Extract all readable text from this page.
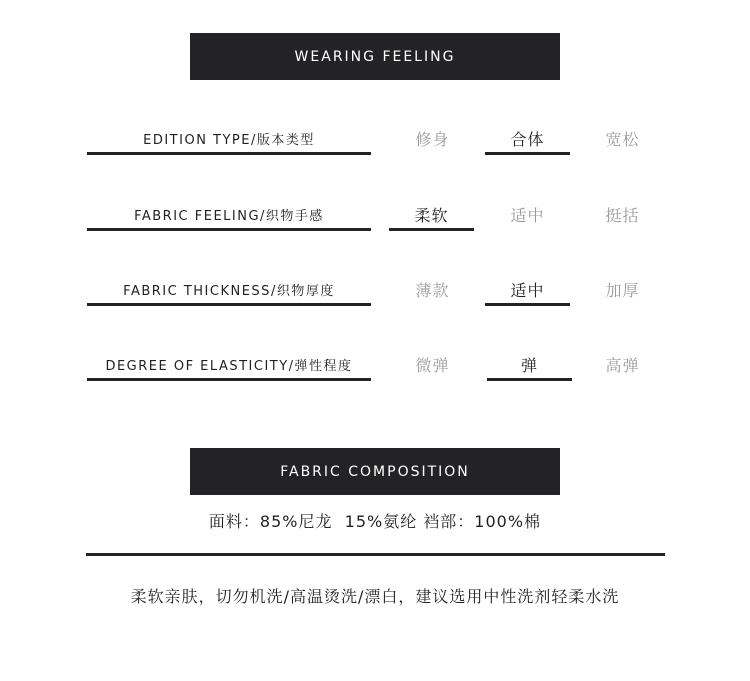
WEARING FEELING
EDITION TYPE/版本类型	修身	合体	宽松
FABRIC FEELING/织物手感	柔软	适中	挺括
FABRIC THICKNESS/织物厚度	薄款	适中	加厚
DEGREE OF ELASTICITY/弹性程度	微弹	弹	高弹
FABRIC COMPOSITION
面料：85%尼龙  15%氨纶 裆部：100%棉
柔软亲肤，切勿机洗/高温烫洗/漂白，建议选用中性洗剂轻柔水洗
